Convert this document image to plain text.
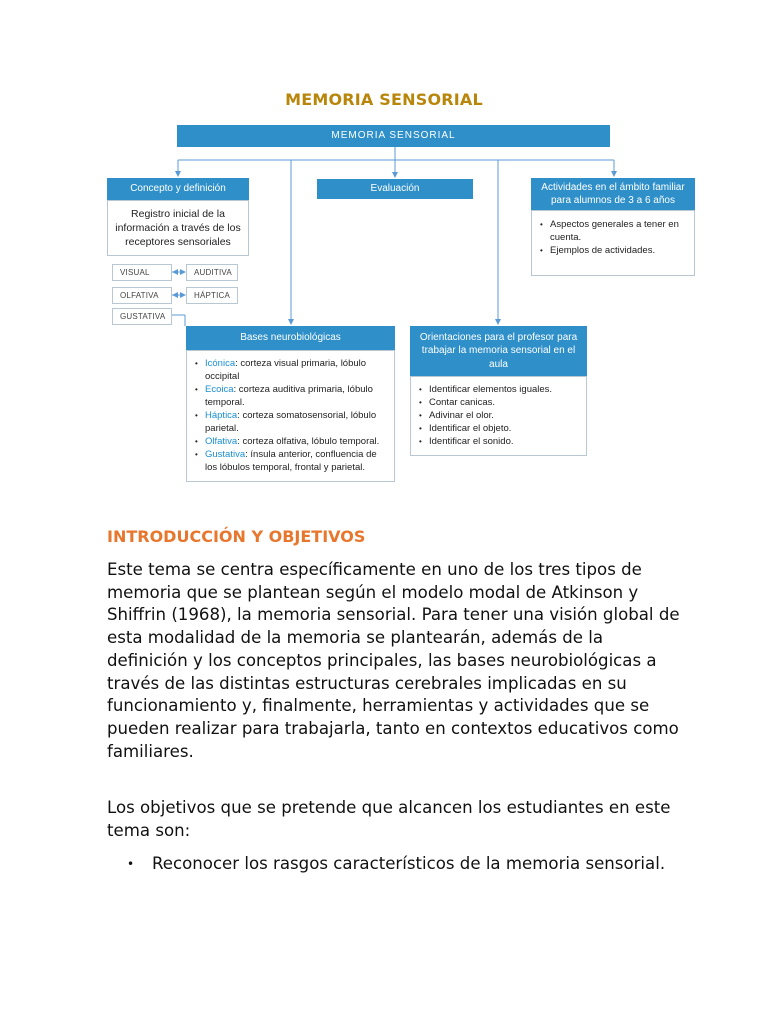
MEMORIA SENSORIAL
MEMORIA SENSORIAL
Concepto y definición
Registro inicial de la información a través de los receptores sensoriales
VISUAL
OLFATIVA
GUSTATIVA
AUDITIVA
HÁPTICA
Evaluación	Actividades en el ámbito familiar para alumnos de 3 a 6 años
• Aspectos generales a tener en cuenta.
• Ejemplos de actividades.
Bases neurobiológicas
• Icónica: corteza visual primaria, lóbulo occipital
• Ecoica: corteza auditiva primaria, lóbulo temporal.
• Háptica: corteza somatosensorial, lóbulo parietal.
• Olfativa: corteza olfativa, lóbulo temporal.
• Gustativa: ínsula anterior, confluencia de los lóbulos temporal, frontal y parietal.
Orientaciones para el profesor para trabajar la memoria sensorial en el aula
• Identificar elementos iguales.
• Contar canicas.
• Adivinar el olor.
• Identificar el objeto.
• Identificar el sonido.
INTRODUCCIÓN Y OBJETIVOS
Este tema se centra específicamente en uno de los tres tipos de memoria que se plantean según el modelo modal de Atkinson y Shiffrin (1968), la memoria sensorial. Para tener una visión global de esta modalidad de la memoria se plantearán, además de la definición y los conceptos principales, las bases neurobiológicas a través de las distintas estructuras cerebrales implicadas en su funcionamiento y, finalmente, herramientas y actividades que se pueden realizar para trabajarla, tanto en contextos educativos como familiares.
Los objetivos que se pretende que alcancen los estudiantes en este tema son:
• Reconocer los rasgos característicos de la memoria sensorial.
